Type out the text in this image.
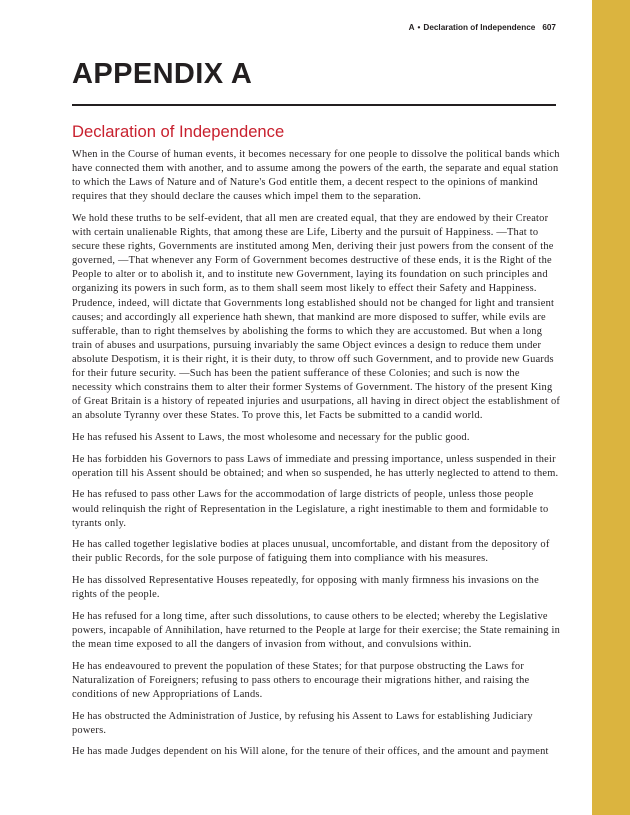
A • Declaration of Independence 607
APPENDIX A
Declaration of Independence

When in the Course of human events, it becomes necessary for one people to dissolve the political bands which have connected them with another, and to assume among the powers of the earth, the separate and equal station to which the Laws of Nature and of Nature's God entitle them, a decent respect to the opinions of mankind requires that they should declare the causes which impel them to the separation.

We hold these truths to be self-evident, that all men are created equal, that they are endowed by their Creator with certain unalienable Rights, that among these are Life, Liberty and the pursuit of Happiness. —That to secure these rights, Governments are instituted among Men, deriving their just powers from the consent of the governed, —That whenever any Form of Government becomes destructive of these ends, it is the Right of the People to alter or to abolish it, and to institute new Government, laying its foundation on such principles and organizing its powers in such form, as to them shall seem most likely to effect their Safety and Happiness. Prudence, indeed, will dictate that Governments long established should not be changed for light and transient causes; and accordingly all experience hath shewn, that mankind are more disposed to suffer, while evils are sufferable, than to right themselves by abolishing the forms to which they are accustomed. But when a long train of abuses and usurpations, pursuing invariably the same Object evinces a design to reduce them under absolute Despotism, it is their right, it is their duty, to throw off such Government, and to provide new Guards for their future security. —Such has been the patient sufferance of these Colonies; and such is now the necessity which constrains them to alter their former Systems of Government. The history of the present King of Great Britain is a history of repeated injuries and usurpations, all having in direct object the establishment of an absolute Tyranny over these States. To prove this, let Facts be submitted to a candid world.

He has refused his Assent to Laws, the most wholesome and necessary for the public good.

He has forbidden his Governors to pass Laws of immediate and pressing importance, unless suspended in their operation till his Assent should be obtained; and when so suspended, he has utterly neglected to attend to them.

He has refused to pass other Laws for the accommodation of large districts of people, unless those people would relinquish the right of Representation in the Legislature, a right inestimable to them and formidable to tyrants only.

He has called together legislative bodies at places unusual, uncomfortable, and distant from the depository of their public Records, for the sole purpose of fatiguing them into compliance with his measures.

He has dissolved Representative Houses repeatedly, for opposing with manly firmness his invasions on the rights of the people.

He has refused for a long time, after such dissolutions, to cause others to be elected; whereby the Legislative powers, incapable of Annihilation, have returned to the People at large for their exercise; the State remaining in the mean time exposed to all the dangers of invasion from without, and convulsions within.

He has endeavoured to prevent the population of these States; for that purpose obstructing the Laws for Naturalization of Foreigners; refusing to pass others to encourage their migrations hither, and raising the conditions of new Appropriations of Lands.

He has obstructed the Administration of Justice, by refusing his Assent to Laws for establishing Judiciary powers.

He has made Judges dependent on his Will alone, for the tenure of their offices, and the amount and payment
